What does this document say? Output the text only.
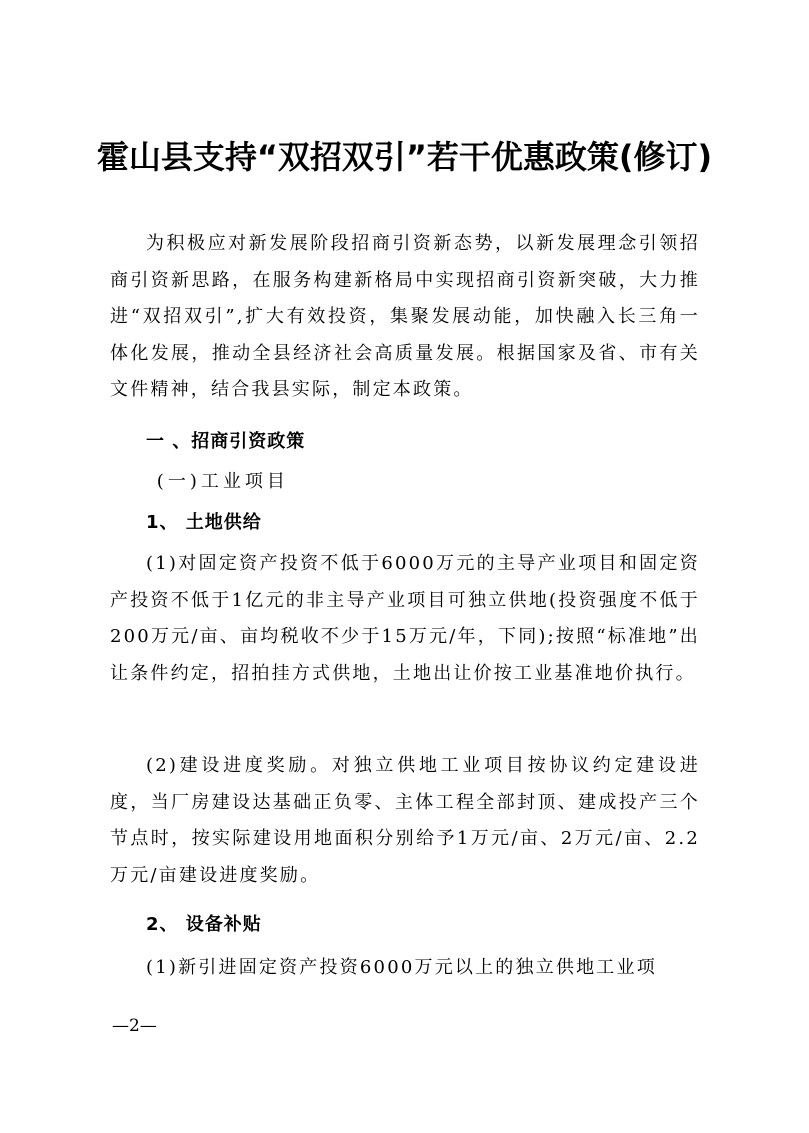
霍山县支持“双招双引”若干优惠政策(修订)
为积极应对新发展阶段招商引资新态势，以新发展理念引领招商引资新思路，在服务构建新格局中实现招商引资新突破，大力推进“双招双引”,扩大有效投资，集聚发展动能，加快融入长三角一体化发展，推动全县经济社会高质量发展。根据国家及省、市有关文件精神，结合我县实际，制定本政策。
一 、招商引资政策
(一)工业项目
1、 土地供给
(1)对固定资产投资不低于6000万元的主导产业项目和固定资产投资不低于1亿元的非主导产业项目可独立供地(投资强度不低于200万元/亩、亩均税收不少于15万元/年，下同);按照“标准地”出让条件约定，招拍挂方式供地，土地出让价按工业基准地价执行。
(2)建设进度奖励。对独立供地工业项目按协议约定建设进度，当厂房建设达基础正负零、主体工程全部封顶、建成投产三个节点时，按实际建设用地面积分别给予1万元/亩、2万元/亩、2.2万元/亩建设进度奖励。
2、 设备补贴
(1)新引进固定资产投资6000万元以上的独立供地工业项
—2—
